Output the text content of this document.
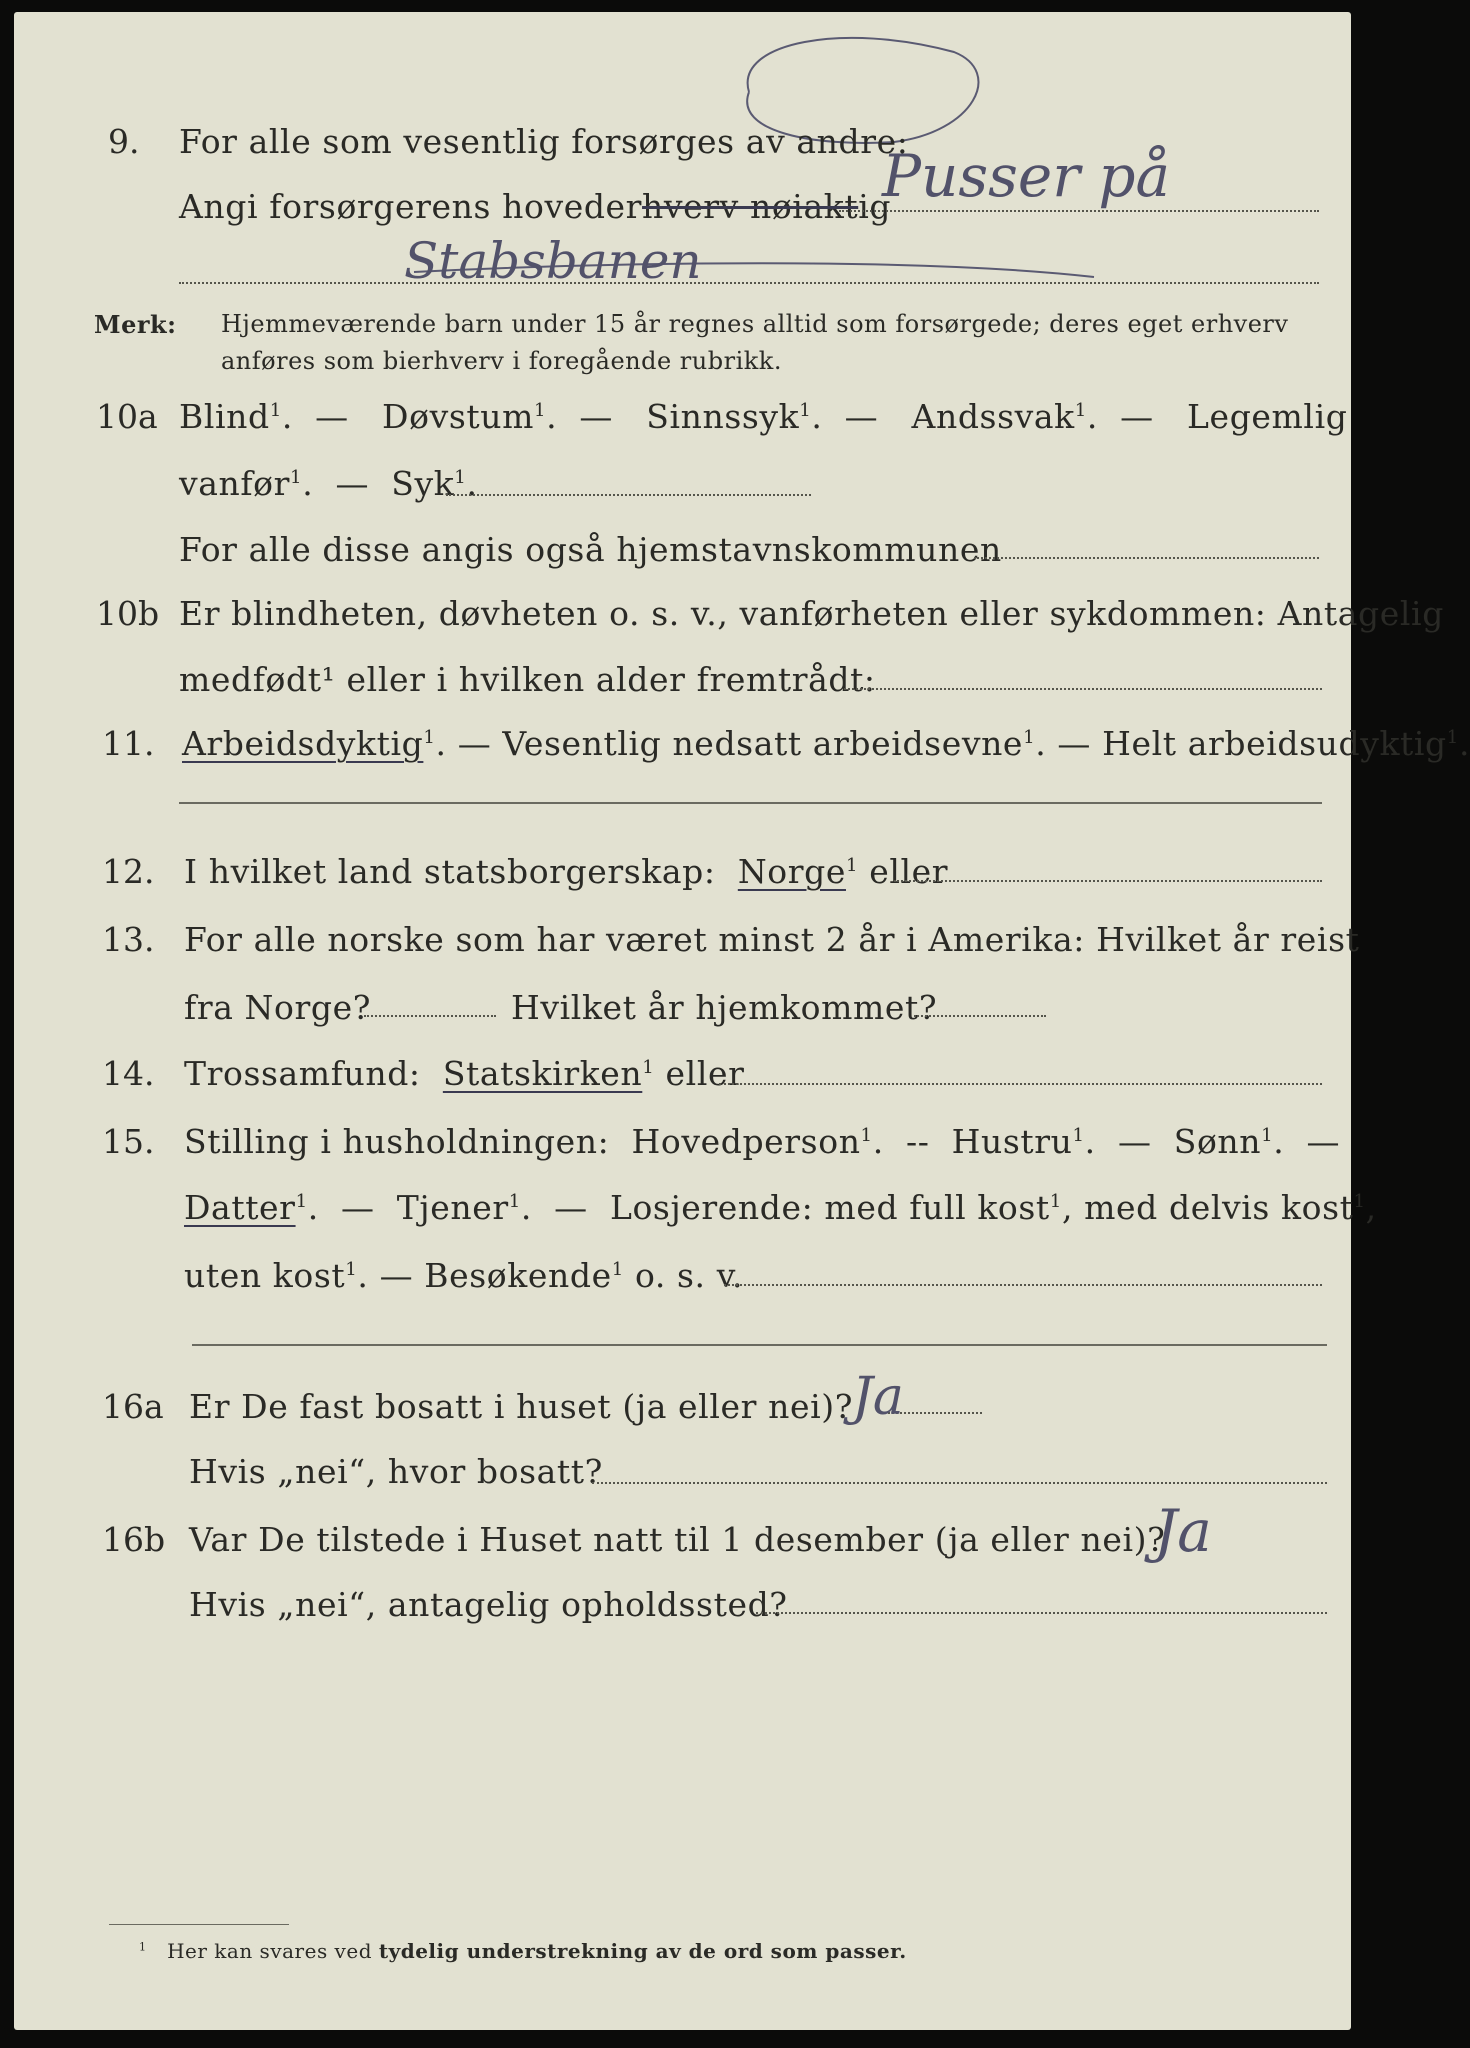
9. For alle som vesentlig forsørges av andre:
Angi forsørgerens hovederhverv nøiaktig
Pusser på
Stabsbanen
Merk: Hjemmeværende barn under 15 år regnes alltid som forsørgede; deres eget erhverv
anføres som bierhverv i foregående rubrikk.
10a Blind$^1$.  —   Døvstum$^1$.  —   Sinnssyk$^1$.  —   Andssvak$^1$.  —   Legemlig
vanfør$^1$.  —  Syk$^1$.
For alle disse angis også hjemstavnskommunen
10b Er blindheten, døvheten o. s. v., vanførheten eller sykdommen: Antagelig
medfødt¹ eller i hvilken alder fremtrådt:
11. Arbeidsdyktig$^1$. — Vesentlig nedsatt arbeidsevne$^1$. — Helt arbeidsudyktig$^1$.
12. I hvilket land statsborgerskap: Norge$^1$ eller
13. For alle norske som har været minst 2 år i Amerika: Hvilket år reist
fra Norge?	Hvilket år hjemkommet?
14. Trossamfund: Statskirken$^1$ eller
15. Stilling i husholdningen: Hovedperson$^1$.  --  Hustru$^1$.  —  Sønn$^1$.  —
Datter$^1$.  —  Tjener$^1$.  —  Losjerende: med full kost$^1$, med delvis kost$^1$,
uten kost$^1$. — Besøkende$^1$ o. s. v.
16a Er De fast bosatt i huset (ja eller nei)? Ja
Hvis „nei“, hvor bosatt?
16b Var De tilstede i Huset natt til 1 desember (ja eller nei)?
Ja
Hvis „nei“, antagelig opholdssted?
$^1$ Her kan svares ved tydelig understrekning av de ord som passer.
